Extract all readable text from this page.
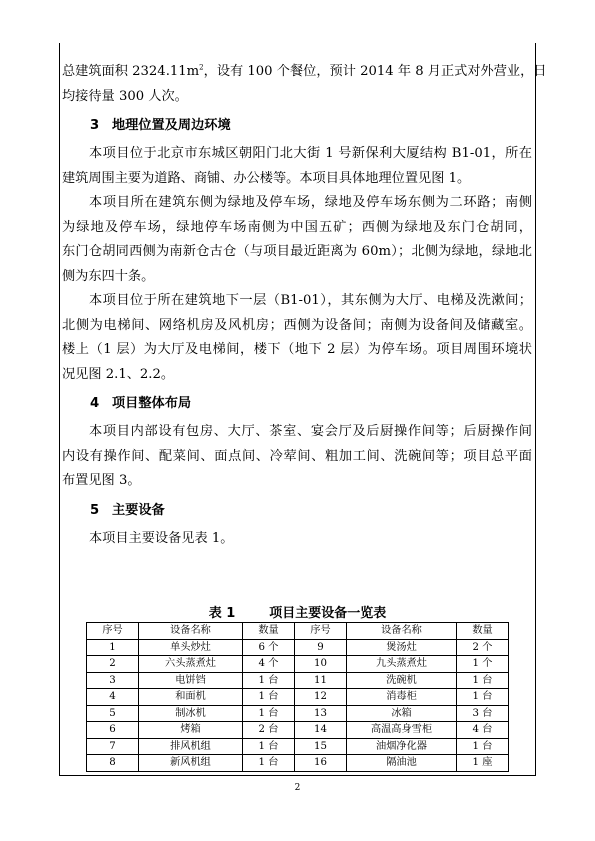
总建筑面积 $2324.11m^2$，设有 100 个餐位，预计 2014 年 8 月正式对外营业，日

均接待量 300 人次。

3 地理位置及周边环境

本项目位于北京市东城区朝阳门北大街 1 号新保利大厦结构 B1-01，所在

建筑周围主要为道路、商铺、办公楼等。本项目具体地理位置见图 1。

本项目所在建筑东侧为绿地及停车场，绿地及停车场东侧为二环路；南侧

为绿地及停车场，绿地停车场南侧为中国五矿；西侧为绿地及东门仓胡同，

东门仓胡同西侧为南新仓古仓（与项目最近距离为 60m）；北侧为绿地，绿地北

侧为东四十条。

本项目位于所在建筑地下一层（B1-01），其东侧为大厅、电梯及洗漱间；

北侧为电梯间、网络机房及风机房；西侧为设备间；南侧为设备间及储藏室。

楼上（1 层）为大厅及电梯间，楼下（地下 2 层）为停车场。项目周围环境状

况见图 2.1、2.2。

4 项目整体布局

本项目内部设有包房、大厅、茶室、宴会厅及后厨操作间等；后厨操作间

内设有操作间、配菜间、面点间、冷荤间、粗加工间、洗碗间等；项目总平面

布置见图 3。

5 主要设备

本项目主要设备见表 1。

表 1	项目主要设备一览表
序号	设备名称	数量	序号	设备名称	数量
1	单头炒灶	6 个	9	煲汤灶	2 个
2	六头蒸煮灶	4 个	10	九头蒸煮灶	1 个
3	电饼铛	1 台	11	洗碗机	1 台
4	和面机	1 台	12	消毒柜	1 台
5	制冰机	1 台	13	冰箱	3 台
6	烤箱	2 台	14	高温高身雪柜	4 台
7	排风机组	1 台	15	油烟净化器	1 台
8	新风机组	1 台	16	隔油池	1 座
2
